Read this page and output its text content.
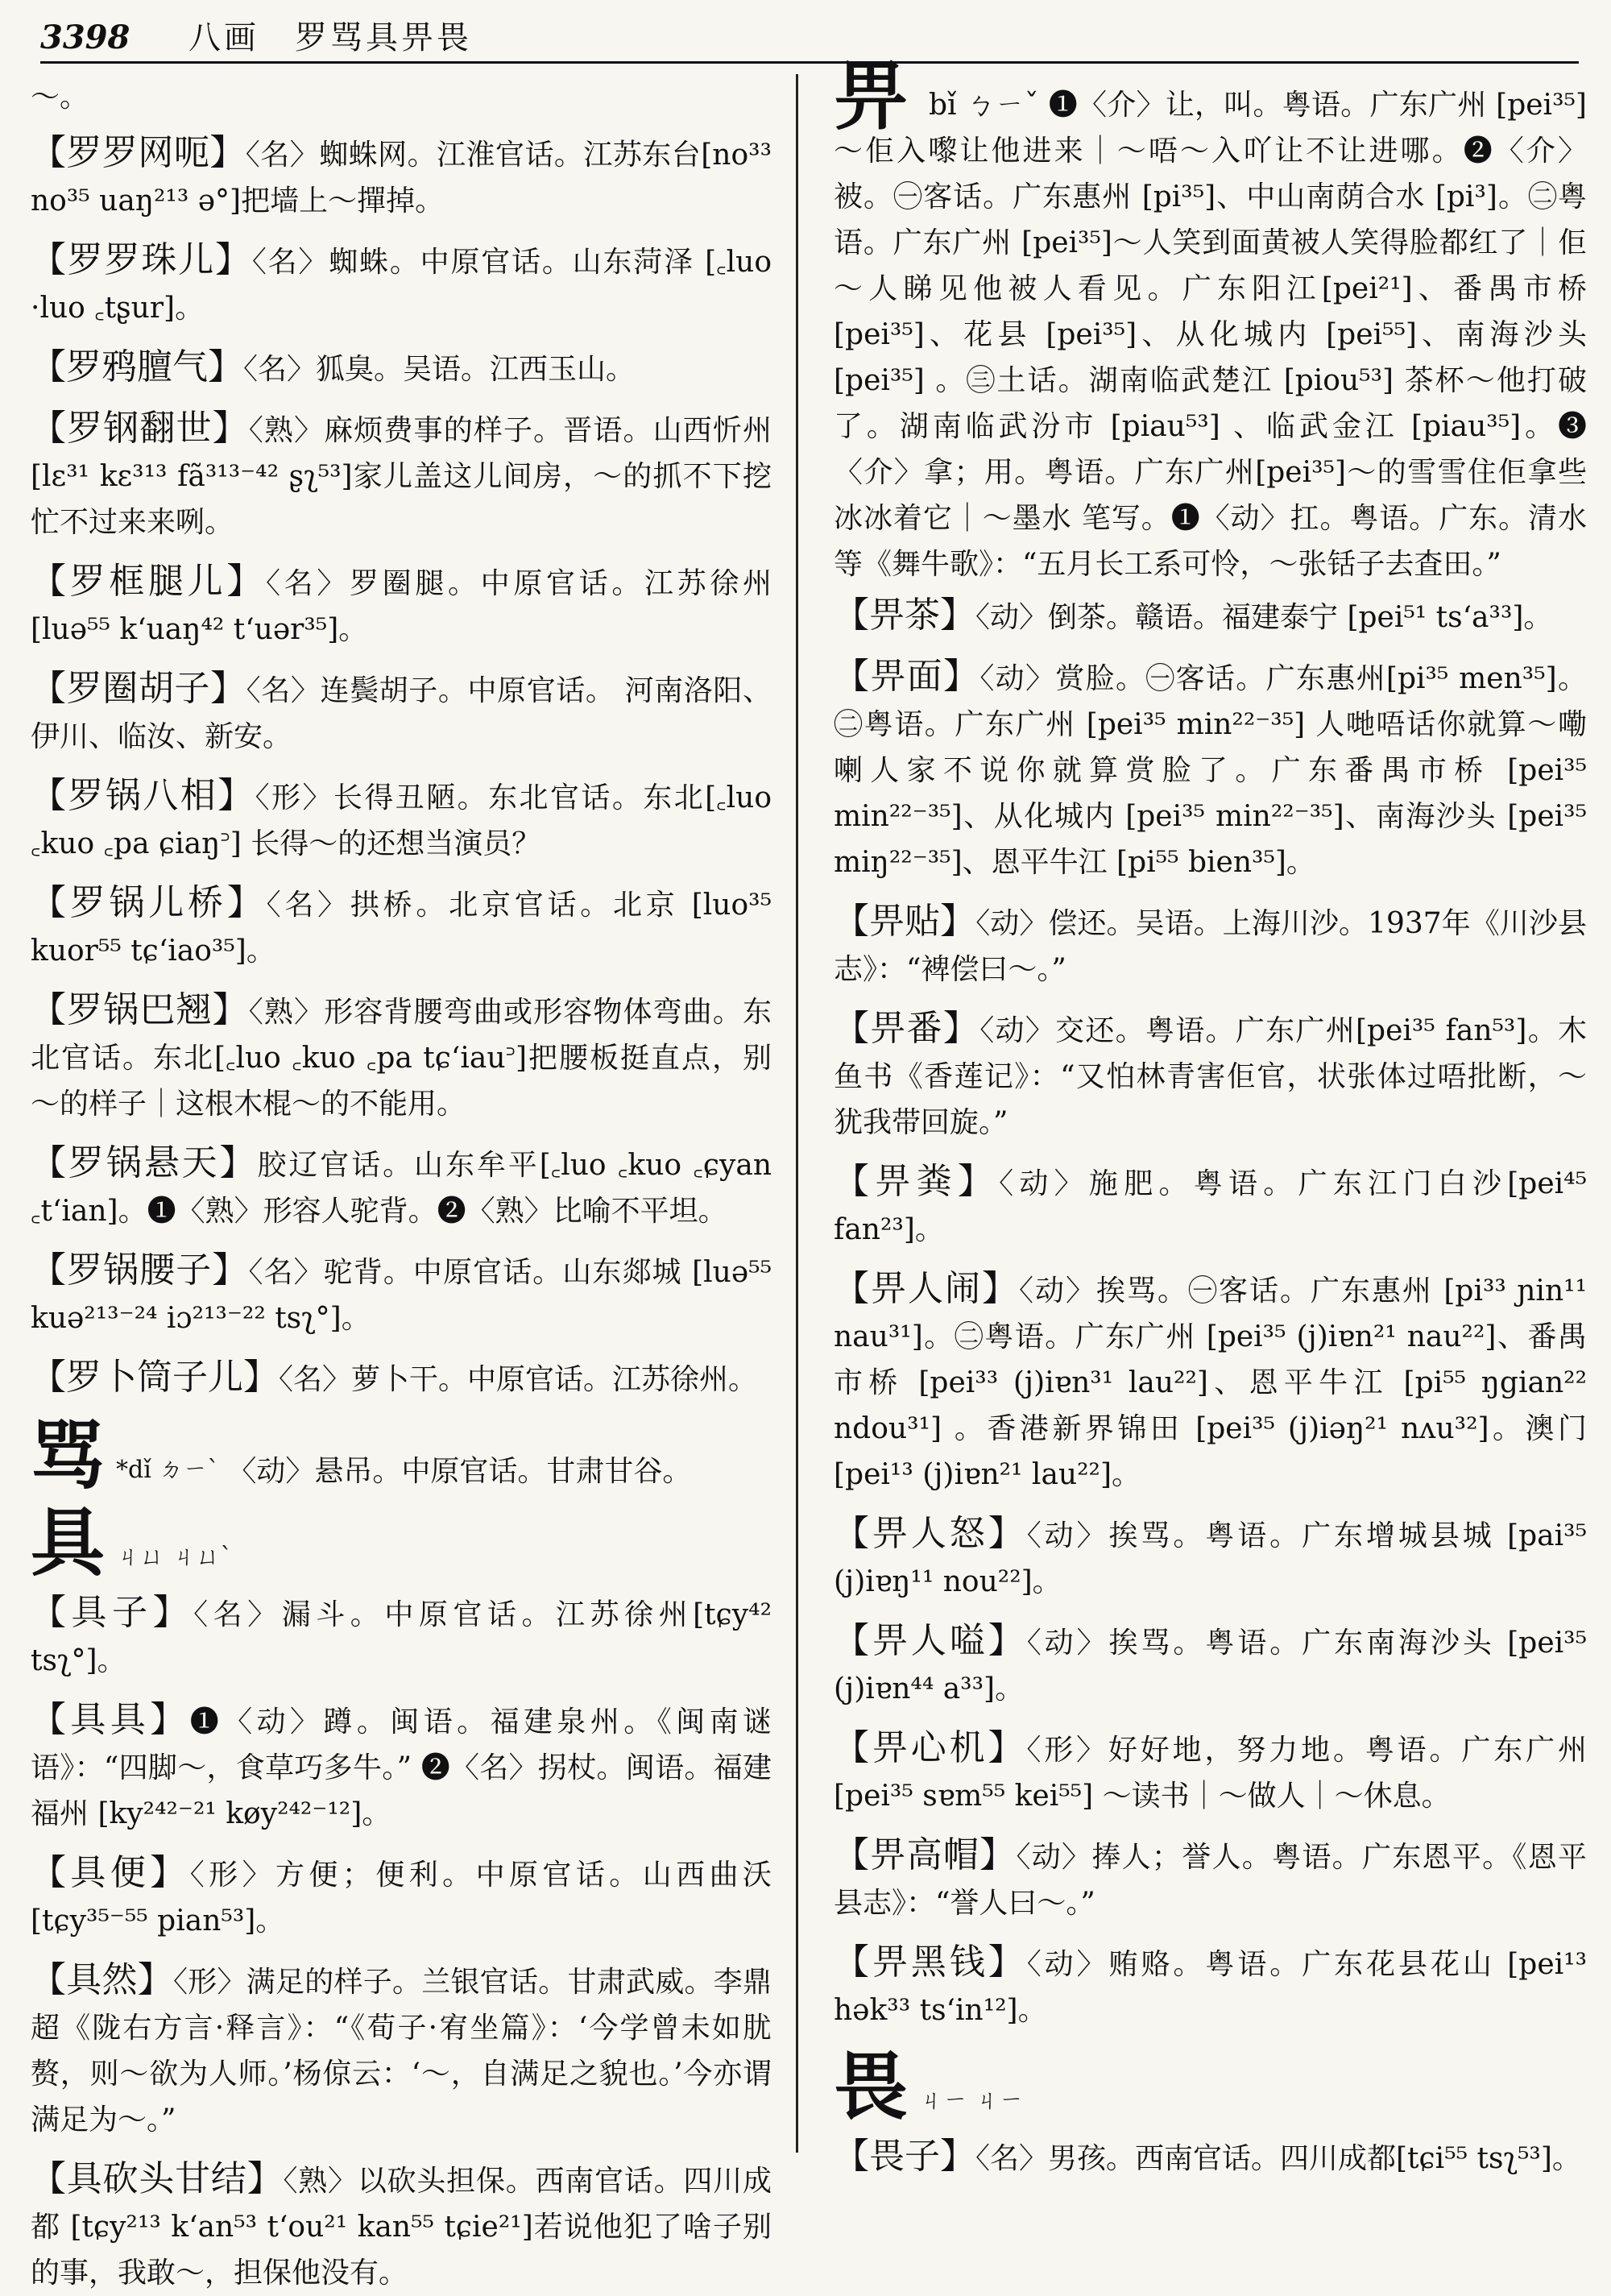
3398 八画　罗骂具畀畏
～。
【罗罗网呃】〈名〉蜘蛛网。江淮官话。江苏东台[no³³ no³⁵ uaŋ²¹³ ə°]把墙上～撣掉。
【罗罗珠儿】〈名〉蜘蛛。中原官话。山东菏泽 [꜀luo ·luo ꜀tʂur]。
【罗鸦膻气】〈名〉狐臭。吴语。江西玉山。
【罗钢翻世】〈熟〉麻烦费事的样子。晋语。山西忻州 [lɛ³¹ kɛ³¹³ fã³¹³⁻⁴² ʂʅ⁵³]家儿盖这儿间房，～的抓不下挖忙不过来来咧。
【罗框腿儿】〈名〉罗圈腿。中原官话。江苏徐州[luə⁵⁵ k‘uaŋ⁴² t‘uər³⁵]。
【罗圈胡子】〈名〉连鬓胡子。中原官话。 河南洛阳、伊川、临汝、新安。
【罗锅八相】〈形〉长得丑陋。东北官话。东北[꜀luo ꜀kuo ꜀pa ɕiaŋ꜄] 长得～的还想当演员？
【罗锅儿桥】〈名〉拱桥。北京官话。北京 [luo³⁵ kuor⁵⁵ tɕ‘iao³⁵]。
【罗锅巴翘】〈熟〉形容背腰弯曲或形容物体弯曲。东北官话。东北[꜀luo ꜀kuo ꜀pa tɕ‘iau꜄]把腰板挺直点，别～的样子｜这根木棍～的不能用。
【罗锅悬天】胶辽官话。山东牟平[꜀luo ꜀kuo ꜀ɕyan ꜀t‘ian]。❶〈熟〉形容人驼背。❷〈熟〉比喻不平坦。
【罗锅腰子】〈名〉驼背。中原官话。山东郯城 [luə⁵⁵ kuə²¹³⁻²⁴ iɔ²¹³⁻²² tsʅ°]。
【罗卜筒子儿】〈名〉萝卜干。中原官话。江苏徐州。
骂 *dǐ ㄉㄧˋ 〈动〉悬吊。中原官话。甘肃甘谷。
具 ㄐㄩ ㄐㄩˋ
【具子】〈名〉漏斗。中原官话。江苏徐州[tɕy⁴² tsʅ°]。
【具具】❶〈动〉蹲。闽语。福建泉州。《闽南谜语》：“四脚～，食草巧多牛。” ❷〈名〉拐杖。闽语。福建福州 [ky²⁴²⁻²¹ køy²⁴²⁻¹²]。
【具便】〈形〉方便；便利。中原官话。山西曲沃 [tɕy³⁵⁻⁵⁵ pian⁵³]。
【具然】〈形〉满足的样子。兰银官话。甘肃武威。李鼎超《陇右方言·释言》：“《荀子·宥坐篇》：‘今学曾未如肬赘，则～欲为人师。’杨倞云：‘～，自满足之貌也。’今亦谓满足为～。”
【具砍头甘结】〈熟〉以砍头担保。西南官话。四川成都 [tɕy²¹³ k‘an⁵³ t‘ou²¹ kan⁵⁵ tɕie²¹]若说他犯了啥子别的事，我敢～，担保他没有。
畀 bǐ ㄅㄧˇ ❶〈介〉让，叫。粤语。广东广州 [pei³⁵] ～佢入嚟让他进来｜～唔～入吖让不让进哪。❷〈介〉被。㊀客话。广东惠州 [pi³⁵]、中山南荫合水 [pi³]。㊁粤语。广东广州 [pei³⁵]～人笑到面黄被人笑得脸都红了｜佢～人睇见他被人看见。广东阳江[pei²¹]、番禺市桥[pei³⁵]、花县 [pei³⁵]、从化城内 [pei⁵⁵]、南海沙头 [pei³⁵] 。㊂土话。湖南临武楚江 [piou⁵³] 茶杯～他打破了。湖南临武汾市 [piau⁵³] 、临武金江 [piau³⁵]。❸〈介〉拿；用。粤语。广东广州[pei³⁵]～的雪雪住佢拿些冰冰着它｜～墨水 笔写。❶〈动〉扛。粤语。广东。清水等《舞牛歌》：“五月长工系可怜，～张铦子去査田。”
【畀茶】〈动〉倒茶。赣语。福建泰宁 [pei⁵¹ ts‘a³³]。
【畀面】〈动〉赏脸。㊀客话。广东惠州[pi³⁵ men³⁵]。㊁粤语。广东广州 [pei³⁵ min²²⁻³⁵] 人哋唔话你就算～嘞喇人家不说你就算赏脸了。广东番禺市桥 [pei³⁵ min²²⁻³⁵]、从化城内 [pei³⁵ min²²⁻³⁵]、南海沙头 [pei³⁵ miŋ²²⁻³⁵]、恩平牛江 [pi⁵⁵ bien³⁵]。
【畀贴】〈动〉偿还。吴语。上海川沙。1937年《川沙县志》：“裨偿曰～。”
【畀番】〈动〉交还。粤语。广东广州[pei³⁵ fan⁵³]。木鱼书《香莲记》：“又怕林青害佢官，状张体过唔批断，～犹我带回旋。”
【畀粪】〈动〉施肥。粤语。广东江门白沙[pei⁴⁵ fan²³]。
【畀人闹】〈动〉挨骂。㊀客话。广东惠州 [pi³³ ɲin¹¹ nau³¹]。㊁粤语。广东广州 [pei³⁵ (j)iɐn²¹ nau²²]、番禺市桥 [pei³³ (j)iɐn³¹ lau²²]、恩平牛江 [pi⁵⁵ ŋgian²² ndou³¹] 。香港新界锦田 [pei³⁵ (j)iəŋ²¹ nʌu³²]。澳门[pei¹³ (j)iɐn²¹ lau²²]。
【畀人怒】〈动〉挨骂。粤语。广东增城县城 [pai³⁵ (j)iɐŋ¹¹ nou²²]。
【畀人嗌】〈动〉挨骂。粤语。广东南海沙头 [pei³⁵ (j)iɐn⁴⁴ a³³]。
【畀心机】〈形〉好好地，努力地。粤语。广东广州 [pei³⁵ sɐm⁵⁵ kei⁵⁵] ～读书｜～做人｜～休息。
【畀高帽】〈动〉捧人；誉人。粤语。广东恩平。《恩平县志》：“誉人曰～。”
【畀黑钱】〈动〉贿赂。粤语。广东花县花山 [pei¹³ hək³³ ts‘in¹²]。
畏 ㄐㄧ ㄐㄧ
【畏子】〈名〉男孩。西南官话。四川成都[tɕi⁵⁵ tsʅ⁵³]。
